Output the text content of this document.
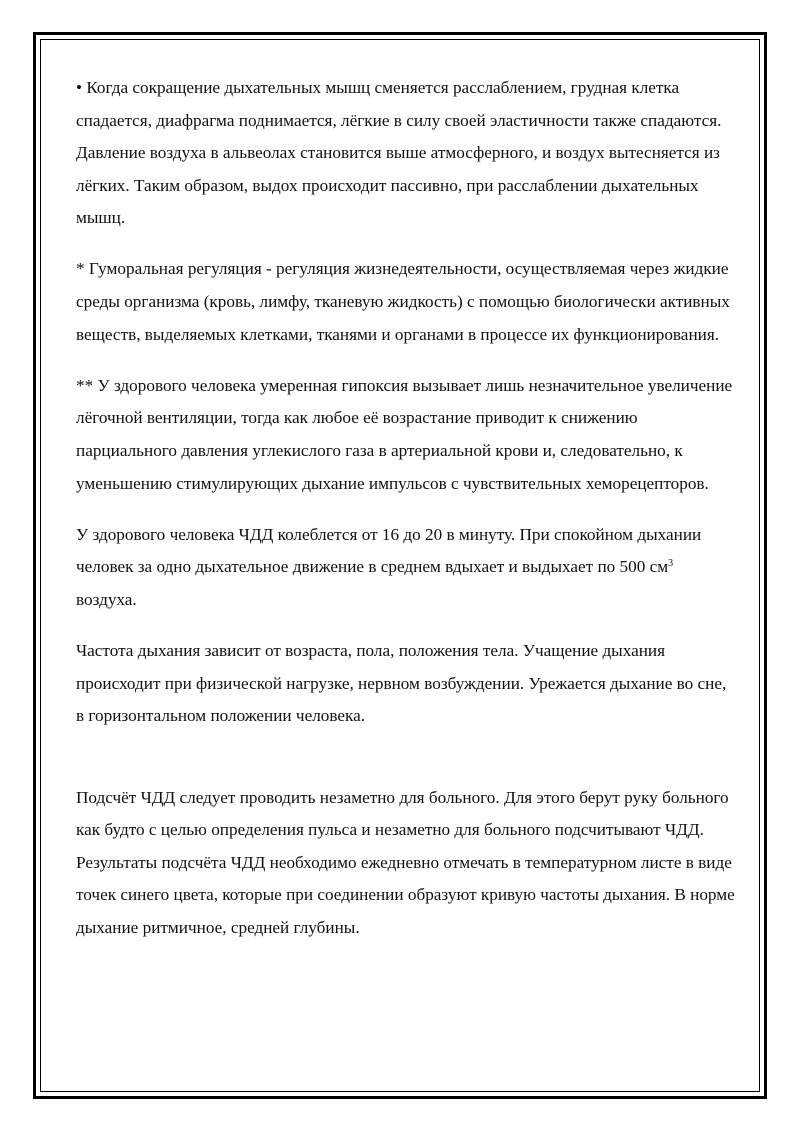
• Когда сокращение дыхательных мышц сменяется расслаблением, грудная клетка спадается, диафрагма поднимается, лёгкие в силу своей эластичности также спадаются. Давление воздуха в альвеолах становится выше атмосферного, и воздух вытесняется из лёгких. Таким образом, выдох происходит пассивно, при расслаблении дыхательных мышц.

* Гуморальная регуляция - регуляция жизнедеятельности, осуществляемая через жидкие среды организма (кровь, лимфу, тканевую жидкость) с помощью биологически активных веществ, выделяемых клетками, тканями и органами в процессе их функционирования.

** У здорового человека умеренная гипоксия вызывает лишь незначительное увеличение лёгочной вентиляции, тогда как любое её возрастание приводит к снижению парциального давления углекислого газа в артериальной крови и, следовательно, к уменьшению стимулирующих дыхание импульсов с чувствительных хеморецепторов.

У здорового человека ЧДД колеблется от 16 до 20 в минуту. При спокойном дыхании человек за одно дыхательное движение в среднем вдыхает и выдыхает по 500 $см^3$ воздуха.

Частота дыхания зависит от возраста, пола, положения тела. Учащение дыхания происходит при физической нагрузке, нервном возбуждении. Урежается дыхание во сне, в горизонтальном положении человека.

Подсчёт ЧДД следует проводить незаметно для больного. Для этого берут руку больного как будто с целью определения пульса и незаметно для больного подсчитывают ЧДД. Результаты подсчёта ЧДД необходимо ежедневно отмечать в температурном листе в виде точек синего цвета, которые при соединении образуют кривую частоты дыхания. В норме дыхание ритмичное, средней глубины.
